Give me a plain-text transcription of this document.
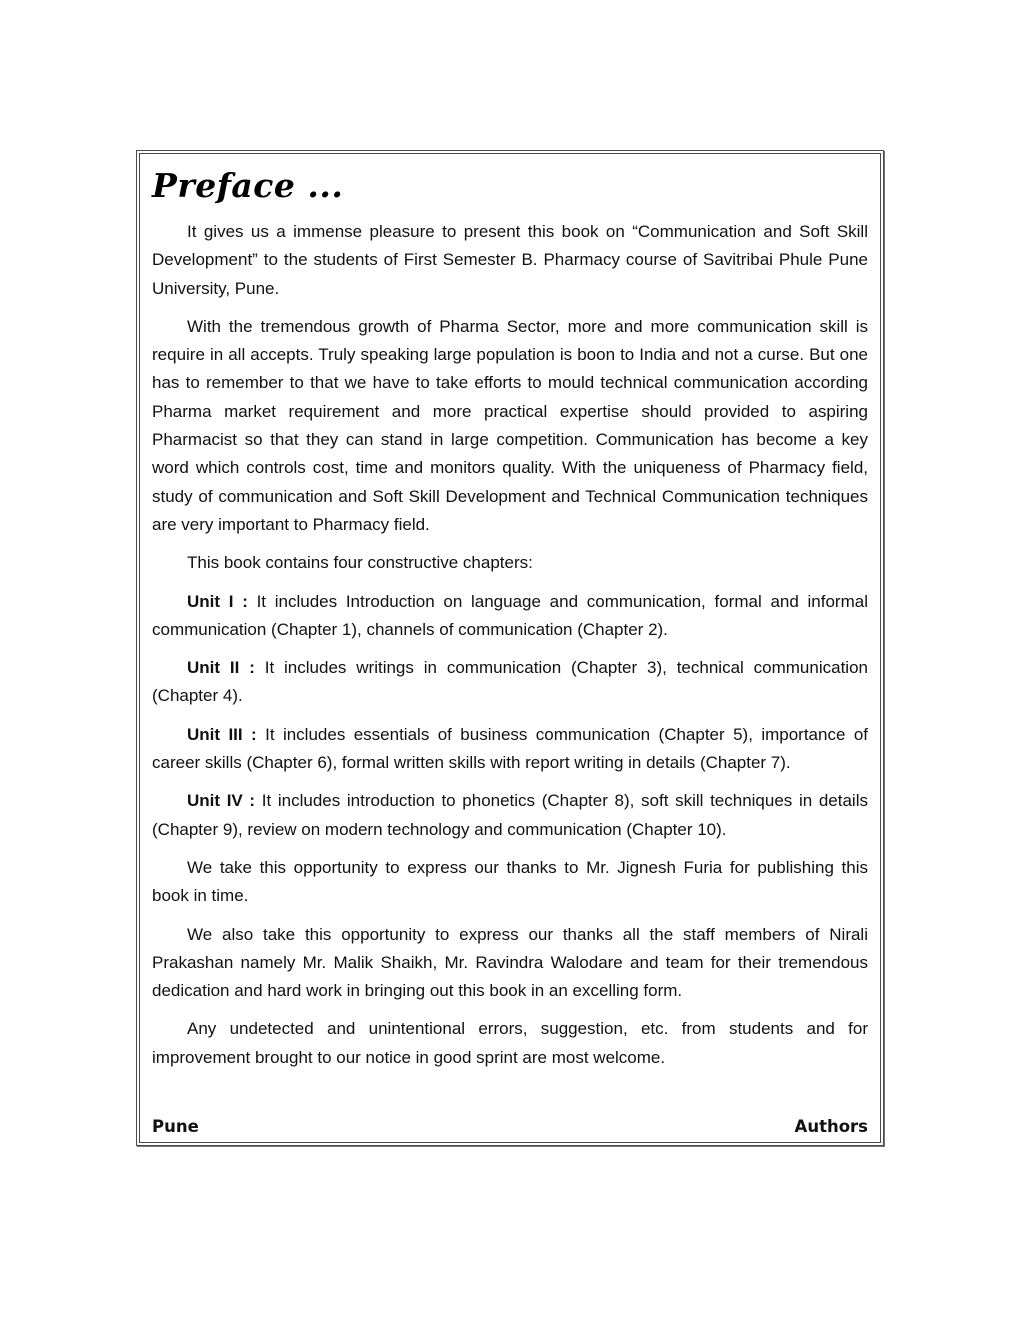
Preface ...

It gives us a immense pleasure to present this book on “Communication and Soft Skill Development” to the students of First Semester B. Pharmacy course of Savitribai Phule Pune University, Pune.

With the tremendous growth of Pharma Sector, more and more communication skill is require in all accepts. Truly speaking large population is boon to India and not a curse. But one has to remember to that we have to take efforts to mould technical communication according Pharma market requirement and more practical expertise should provided to aspiring Pharmacist so that they can stand in large competition. Communication has become a key word which controls cost, time and monitors quality. With the uniqueness of Pharmacy field, study of communication and Soft Skill Development and Technical Communication techniques are very important to Pharmacy field.

This book contains four constructive chapters:

Unit I : It includes Introduction on language and communication, formal and informal communication (Chapter 1), channels of communication (Chapter 2).

Unit II : It includes writings in communication (Chapter 3), technical communication (Chapter 4).

Unit III : It includes essentials of business communication (Chapter 5), importance of career skills (Chapter 6), formal written skills with report writing in details (Chapter 7).

Unit IV : It includes introduction to phonetics (Chapter 8), soft skill techniques in details (Chapter 9), review on modern technology and communication (Chapter 10).

We take this opportunity to express our thanks to Mr. Jignesh Furia for publishing this book in time.

We also take this opportunity to express our thanks all the staff members of Nirali Prakashan namely Mr. Malik Shaikh, Mr. Ravindra Walodare and team for their tremendous dedication and hard work in bringing out this book in an excelling form.

Any undetected and unintentional errors, suggestion, etc. from students and for improvement brought to our notice in good sprint are most welcome.

Pune	Authors
